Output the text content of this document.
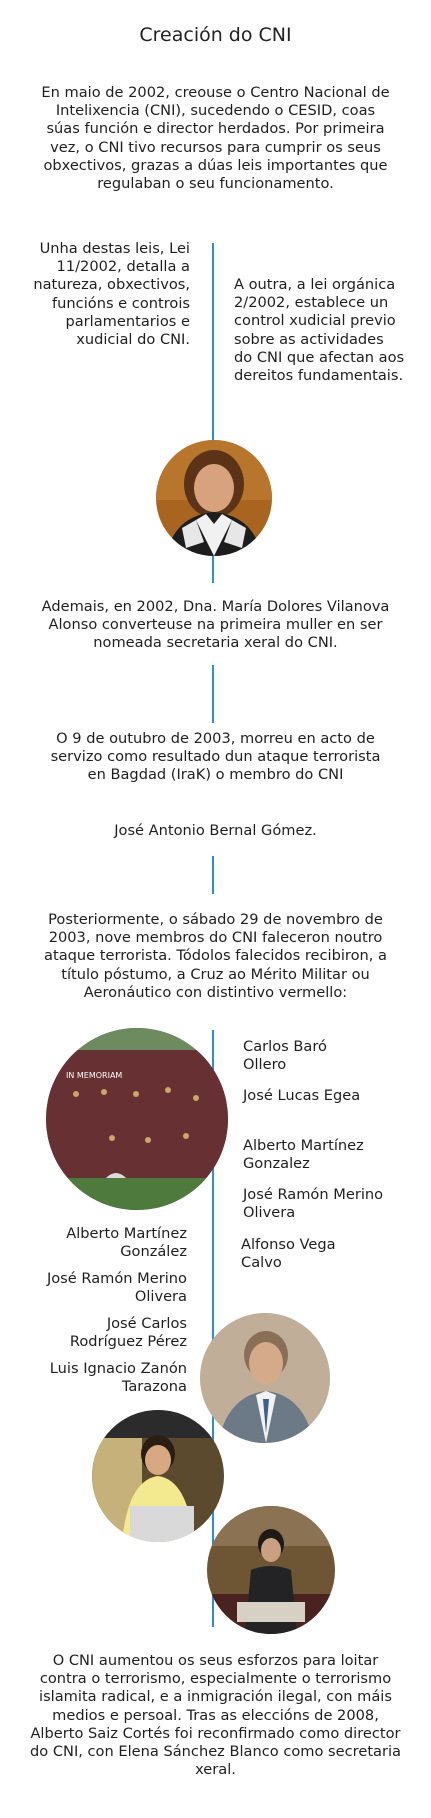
Creación do CNI
En maio de 2002, creouse o Centro Nacional de Intelixencia (CNI), sucedendo o CESID, coas súas función e director herdados. Por primeira vez, o CNI tivo recursos para cumprir os seus obxectivos, grazas a dúas leis importantes que regulaban o seu funcionamento.
Unha destas leis, Lei 11/2002, detalla a natureza, obxectivos, funcións e controis parlamentarios e xudicial do CNI.
A outra, a lei orgánica 2/2002, establece un control xudicial previo sobre as actividades do CNI que afectan aos dereitos fundamentais.
Ademais, en 2002, Dna. María Dolores Vilanova Alonso converteuse na primeira muller en ser nomeada secretaria xeral do CNI.
O 9 de outubro de 2003, morreu en acto de servizo como resultado dun ataque terrorista en Bagdad (IraK) o membro do CNI
José Antonio Bernal Gómez.
Posteriormente, o sábado 29 de novembro de 2003, nove membros do CNI faleceron noutro ataque terrorista. Tódolos falecidos recibiron, a título póstumo, a Cruz ao Mérito Militar ou Aeronáutico con distintivo vermello:
IN MEMORIAM
Carlos Baró Ollero
José Lucas Egea
Alberto Martínez Gonzalez
José Ramón Merino Olivera
Alfonso Vega Calvo
Alberto Martínez González
José Ramón Merino Olivera
José Carlos Rodríguez Pérez
Luis Ignacio Zanón Tarazona
O CNI aumentou os seus esforzos para loitar contra o terrorismo, especialmente o terrorismo islamita radical, e a inmigración ilegal, con máis medios e persoal. Tras as eleccións de 2008, Alberto Saiz Cortés foi reconfirmado como director do CNI, con Elena Sánchez Blanco como secretaria xeral.
